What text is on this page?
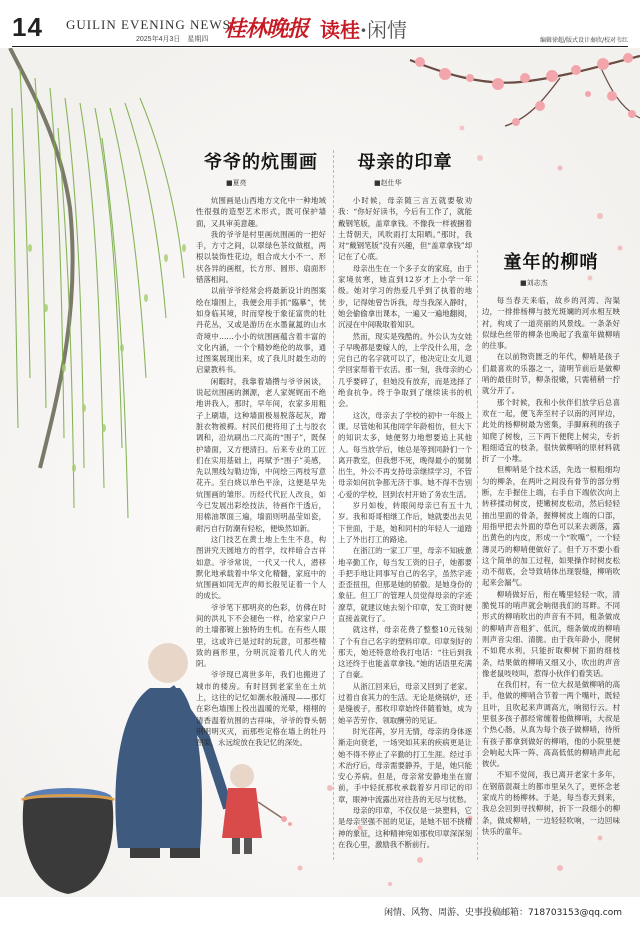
14 GUILIN EVENING NEWS
2025年4月3日　星期四 桂林晚报 读桂·闲情	编辑徐超/版式设计秦欣/校对韦红
爷爷的炕围画
■夏亮

炕围画是山西地方文化中一种地域性很强的造型艺术形式，既可保护墙面，又具审美意趣。

我的爷爷是村里画炕围画的一把好手，方寸之间，以翠绿色茶纹做框，两根以装饰性花边，组合成大小不一、形状各异的画框，长方形、圆形、扇面形错落相间。

以前爷爷经常会将最新设计的图案绘在墙围上，我便会用手抓“臨摹”，恍如身临其境，时而穿梭于象征富贵的牡丹花丛，又或是游历在水墨氤氲的山水奇境中……小小的炕围画蕴含着丰富的文化内涵，一个个精妙绝伦的故事，通过图案展现出来，成了我儿时最生动的启蒙教科书。

闲暇时，我靠着墙攒与爷爷闲谈，说起炕围画的渊源，老人家娓娓而不绝地讲我入，那时，早年间，农家多用粗子上刷墙，这种墙面极易脱落起灰，蹭脏衣物被褥。村民们便将用了土与胶衣调和，沿炕刷出二尺高的“围子”，既保护墙面，又方便清扫。后来专业的工匠们在实用基础上，再赋予“围子”美感，先以黑线勾勒边饰，中间绘三两枝写意花卉。至白烧以单色平涂，这便是早先炕围画的雏形。历经代代匠人改良，如今已发展出彩绘技法，待画作干透后，用棉油罩面三遍，墙面则明晶莹如瓷，耐污自行防潮有轻松，便焕然如新。

这门技艺在黄土地上生生不息，构图讲究天圆地方的哲学，纹样暗合吉祥如意。爷爷常说，一代又一代人，潜移默化地承载着中华文化精髓，家庭中的炕围画如同无声的师长般见证着一个人的成长。

爷爷笔下那明亮的色彩，仿佛在时间的洪礼下不会褪色一样，给家家户户的土墙都镀上独特的生机。在有些人眼里，这或许已是过时的玩意，可那些精致的画形里，分明沉淀着几代人的光阴。

爷爷现已离世多年，我们也搬进了城市的楼房。有时回到老家坐在土炕上，这往的记忆如潮水般涌现——那灯在彩色墙围上投出温暖的光晕，栩栩的清香温着炕围的吉祥味，爷爷的脊头朝钢明明灭灭，而那些定格在墙上的牡丹图案，永远绽放在我记忆的深处。

母亲的印章
■赵仕华

小时候，母亲随三言五就要敬劝我：“你好好读书，今后有工作了，就能戴钢笔版，盖章拿钱。不像我一样被捆着土背朝天，风吹雨打太阳晒。”那时，我对“戴钢笔版”没有兴趣，但“盖章拿钱”却记在了心底。

母亲出生在一个多子女的家庭，由于家境贫寒，她直到12岁才上小学一年级。她对学习的热爱几乎到了执着的地步，记得她曾告诉我，母当我深入静时，她会偷偷拿出课本，一遍又一遍地翻阅，沉浸在中间吸取着知识。

然而，现实是残酷的。外公认为女娃子早晚都是要嫁人的，上学没什么用，念完自己的名字就可以了，他决定让女儿退学回家帮着干农活。那一刻，我母亲的心几乎要碎了，但她没有放弃，而是选择了绝食抗争。终于争取到了继续读书的机会。

这次，母亲去了学校的初中一年级上课。尽管她和其他同学年龄相仿，但大下的知识太多，她便努力地想要追上其他人。每当放学后，她总是等到同龄们一个离开教室，但我想不死，晚得最小的舅舅出生，外公不再支持母亲继续学习，不管母亲如何抗争都无济于事。她不得不告别心爱的学校，回到农村开始了务农生活。

岁月如梭，转眼间母亲已有五十九岁。我和哥哥相继工作后，她就要出去见下世面，于是，她和同村的年轻人一道踏上了外出打工的路途。

在浙江的一家工厂里，母亲不知疲惫地辛勤工作，每当发工资的日子，她都要手把手地让同事写自己的名字，虽然字迹歪歪扭扭，但那是她的骄傲。是她身份的象征。但工厂的管理人员觉得母亲的字迹潦草，就建议她去刻个印章，发工资时便直接盖就行了。

就这样，母亲花费了整整10元钱刻了个有自己名字的塑料印章。印章刻好的那天，她还特意给我打电话：“往后到我这还终于也能盖章拿钱。”她的话语里充满了自豪。

从浙江回来后，母亲又回到了老家。过着自食其力的生活。无论是烧锅炉，还是缝被子，那枚印章始终伴随着她，成为她辛苦劳作、领取酬劳的见证。

时光荏苒，岁月无情，母亲的身体逐渐走向衰老，一场突如其来的疾病更是让她不得不停止了辛勤的打工生涯。经过手术治疗后，母亲需要静养，于是，她只能安心养病。但是，母亲常安静地坐在窗前，手中轻抚那枚承载着岁月印记的印章，眼神中流露出对往昔的无尽与忧愁。

母亲的印章，不仅仅是一块塑料，它是母亲坚强不屈的见证，是她不屈不挠精神的象征，这种精神宛如那枚印章深深刻在我心里，激励我不断前行。

童年的柳哨
■刘志杰

每当春天来临，故乡的河湾、沟渠边，一排排杨柳与披光斑斓的河水相互映衬，构成了一道亮丽的风景线。一条条好似绿色丝带的柳条也唤起了我童年做柳哨的往事。

在以前物资匮乏的年代，柳哨是孩子们最喜欢的乐器之一，清明节前后是做柳哨的最佳时节，柳条很嫩，只需稍稍一拧就分开了。

那个时候，我和小伙伴们放学后总喜欢在一起，便飞奔至村子以南的河岸边，此处的杨柳树最为密集，手脚麻利的孩子知爬了树梭，三下两下便爬上树尖，专折粗细适宜的枝条，很快做柳哨的原材料就折了一小堆。

但柳哨是个技术活，先选一根粗细均匀的柳条，在两叶之间没有骨节的部分剪断，左手握住上端，右手自下端依次向上转移揉动树皮，使嫩树皮松动，然后轻轻抽出里面的骨条，握柳树皮上端的口部，用指甲把去外面的草色可以来去剥落，露出黄色的内皮，形成一个“吹嘴”，一个轻薄灵巧的柳哨便做好了。但千万不要小看这个简单的加工过程，如果操作时树皮松动不彻底，会导致哨体出现裂缝，柳哨吹起来会漏气。

柳哨做好后，衔在嘴里轻轻一吹，清脆悦耳的哨声就会响彻我们的耳畔。不同形式的柳哨吹出的声音有不同，粗条做成的柳哨声音粗犷、低沉，细条做成的柳哨则声音尖细、清脆。由于我年龄小，爬树不如爬水利，只能折取柳树下面的细枝条，结果做的柳哨又细又小，吹出的声音像老鼠吱吱叫，惹得小伙伴们看笑话。

在我们村，有一位大叔是做柳哨的高手，他做的柳哨合节着一两个嘴叶，既轻且叶，且吹起来声调高亢，响彻行云。村里很多孩子都经常缠着他做柳哨，大叔是个热心肠，从真为每个孩子做柳哨，待所有孩子都拿到做好的柳哨，他的小院里便会响起大阵一阵、高高低低的柳哨声此起彼伏。

不知不觉间，我已离开老家十多年，在钢筋混凝土的都市里呆久了，更怀念老家成片的杨柳林。于是，每当春天到来，我总会回到寻找柳树，折下一段细小的柳条，做成柳哨，一边轻轻吹响，一边回味快乐的童年。

闲情、风物、周游、史事投稿邮箱：718703153@qq.com
